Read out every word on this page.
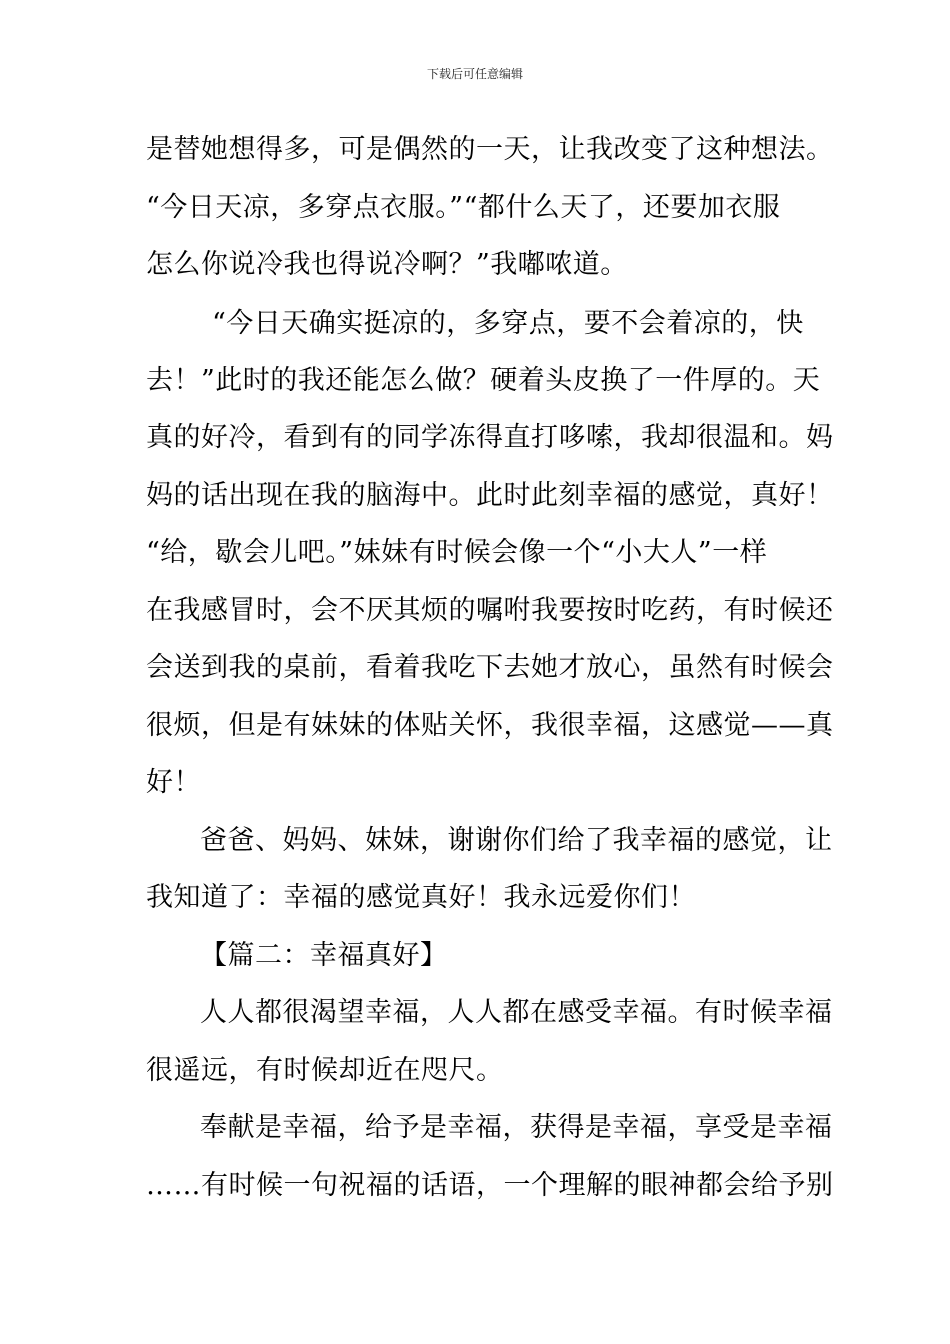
下载后可任意编辑
是替她想得多，可是偶然的一天，让我改变了这种想法。
“今日天凉，多穿点衣服。”“都什么天了，还要加衣服
怎么你说冷我也得说冷啊？”我嘟哝道。
“今日天确实挺凉的，多穿点，要不会着凉的，快
去！”此时的我还能怎么做？硬着头皮换了一件厚的。天
真的好冷，看到有的同学冻得直打哆嗦，我却很温和。妈
妈的话出现在我的脑海中。此时此刻幸福的感觉，真好！
“给，歇会儿吧。”妹妹有时候会像一个“小大人”一样
在我感冒时，会不厌其烦的嘱咐我要按时吃药，有时候还
会送到我的桌前，看着我吃下去她才放心，虽然有时候会
很烦，但是有妹妹的体贴关怀，我很幸福，这感觉——真
好！
爸爸、妈妈、妹妹，谢谢你们给了我幸福的感觉，让
我知道了：幸福的感觉真好！我永远爱你们！
【篇二：幸福真好】
人人都很渴望幸福，人人都在感受幸福。有时候幸福
很遥远，有时候却近在咫尺。
奉献是幸福，给予是幸福，获得是幸福，享受是幸福
……有时候一句祝福的话语，一个理解的眼神都会给予别
